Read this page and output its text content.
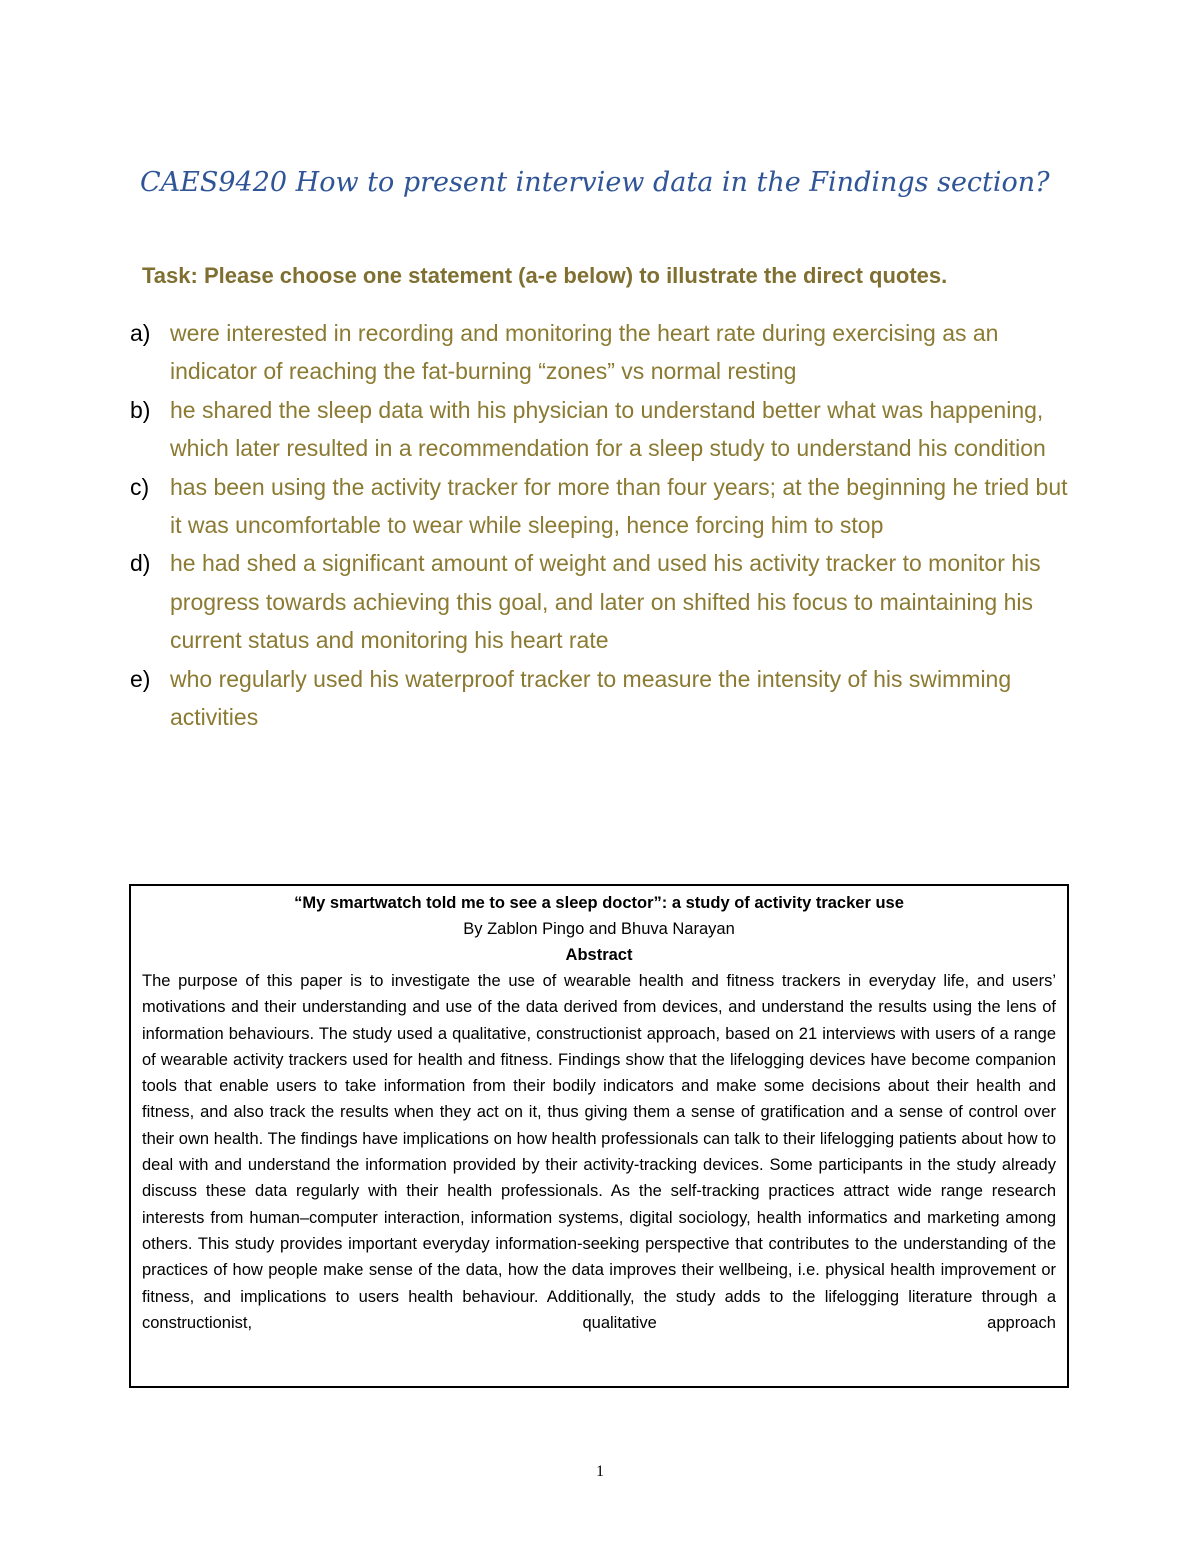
CAES9420 How to present interview data in the Findings section?

Task: Please choose one statement (a-e below) to illustrate the direct quotes.

a) were interested in recording and monitoring the heart rate during exercising as an indicator of reaching the fat-burning “zones” vs normal resting
b) he shared the sleep data with his physician to understand better what was happening, which later resulted in a recommendation for a sleep study to understand his condition
c) has been using the activity tracker for more than four years; at the beginning he tried but it was uncomfortable to wear while sleeping, hence forcing him to stop
d) he had shed a significant amount of weight and used his activity tracker to monitor his progress towards achieving this goal, and later on shifted his focus to maintaining his current status and monitoring his heart rate
e) who regularly used his waterproof tracker to measure the intensity of his swimming activities

“My smartwatch told me to see a sleep doctor”: a study of activity tracker use

By Zablon Pingo and Bhuva Narayan

Abstract

The purpose of this paper is to investigate the use of wearable health and fitness trackers in everyday life, and users’ motivations and their understanding and use of the data derived from devices, and understand the results using the lens of information behaviours. The study used a qualitative, constructionist approach, based on 21 interviews with users of a range of wearable activity trackers used for health and fitness. Findings show that the lifelogging devices have become companion tools that enable users to take information from their bodily indicators and make some decisions about their health and fitness, and also track the results when they act on it, thus giving them a sense of gratification and a sense of control over their own health. The findings have implications on how health professionals can talk to their lifelogging patients about how to deal with and understand the information provided by their activity-tracking devices. Some participants in the study already discuss these data regularly with their health professionals. As the self-tracking practices attract wide range research interests from human–computer interaction, information systems, digital sociology, health informatics and marketing among others. This study provides important everyday information-seeking perspective that contributes to the understanding of the practices of how people make sense of the data, how the data improves their wellbeing, i.e. physical health improvement or fitness, and implications to users health behaviour. Additionally, the study adds to the lifelogging literature through a constructionist, qualitative approach

1
